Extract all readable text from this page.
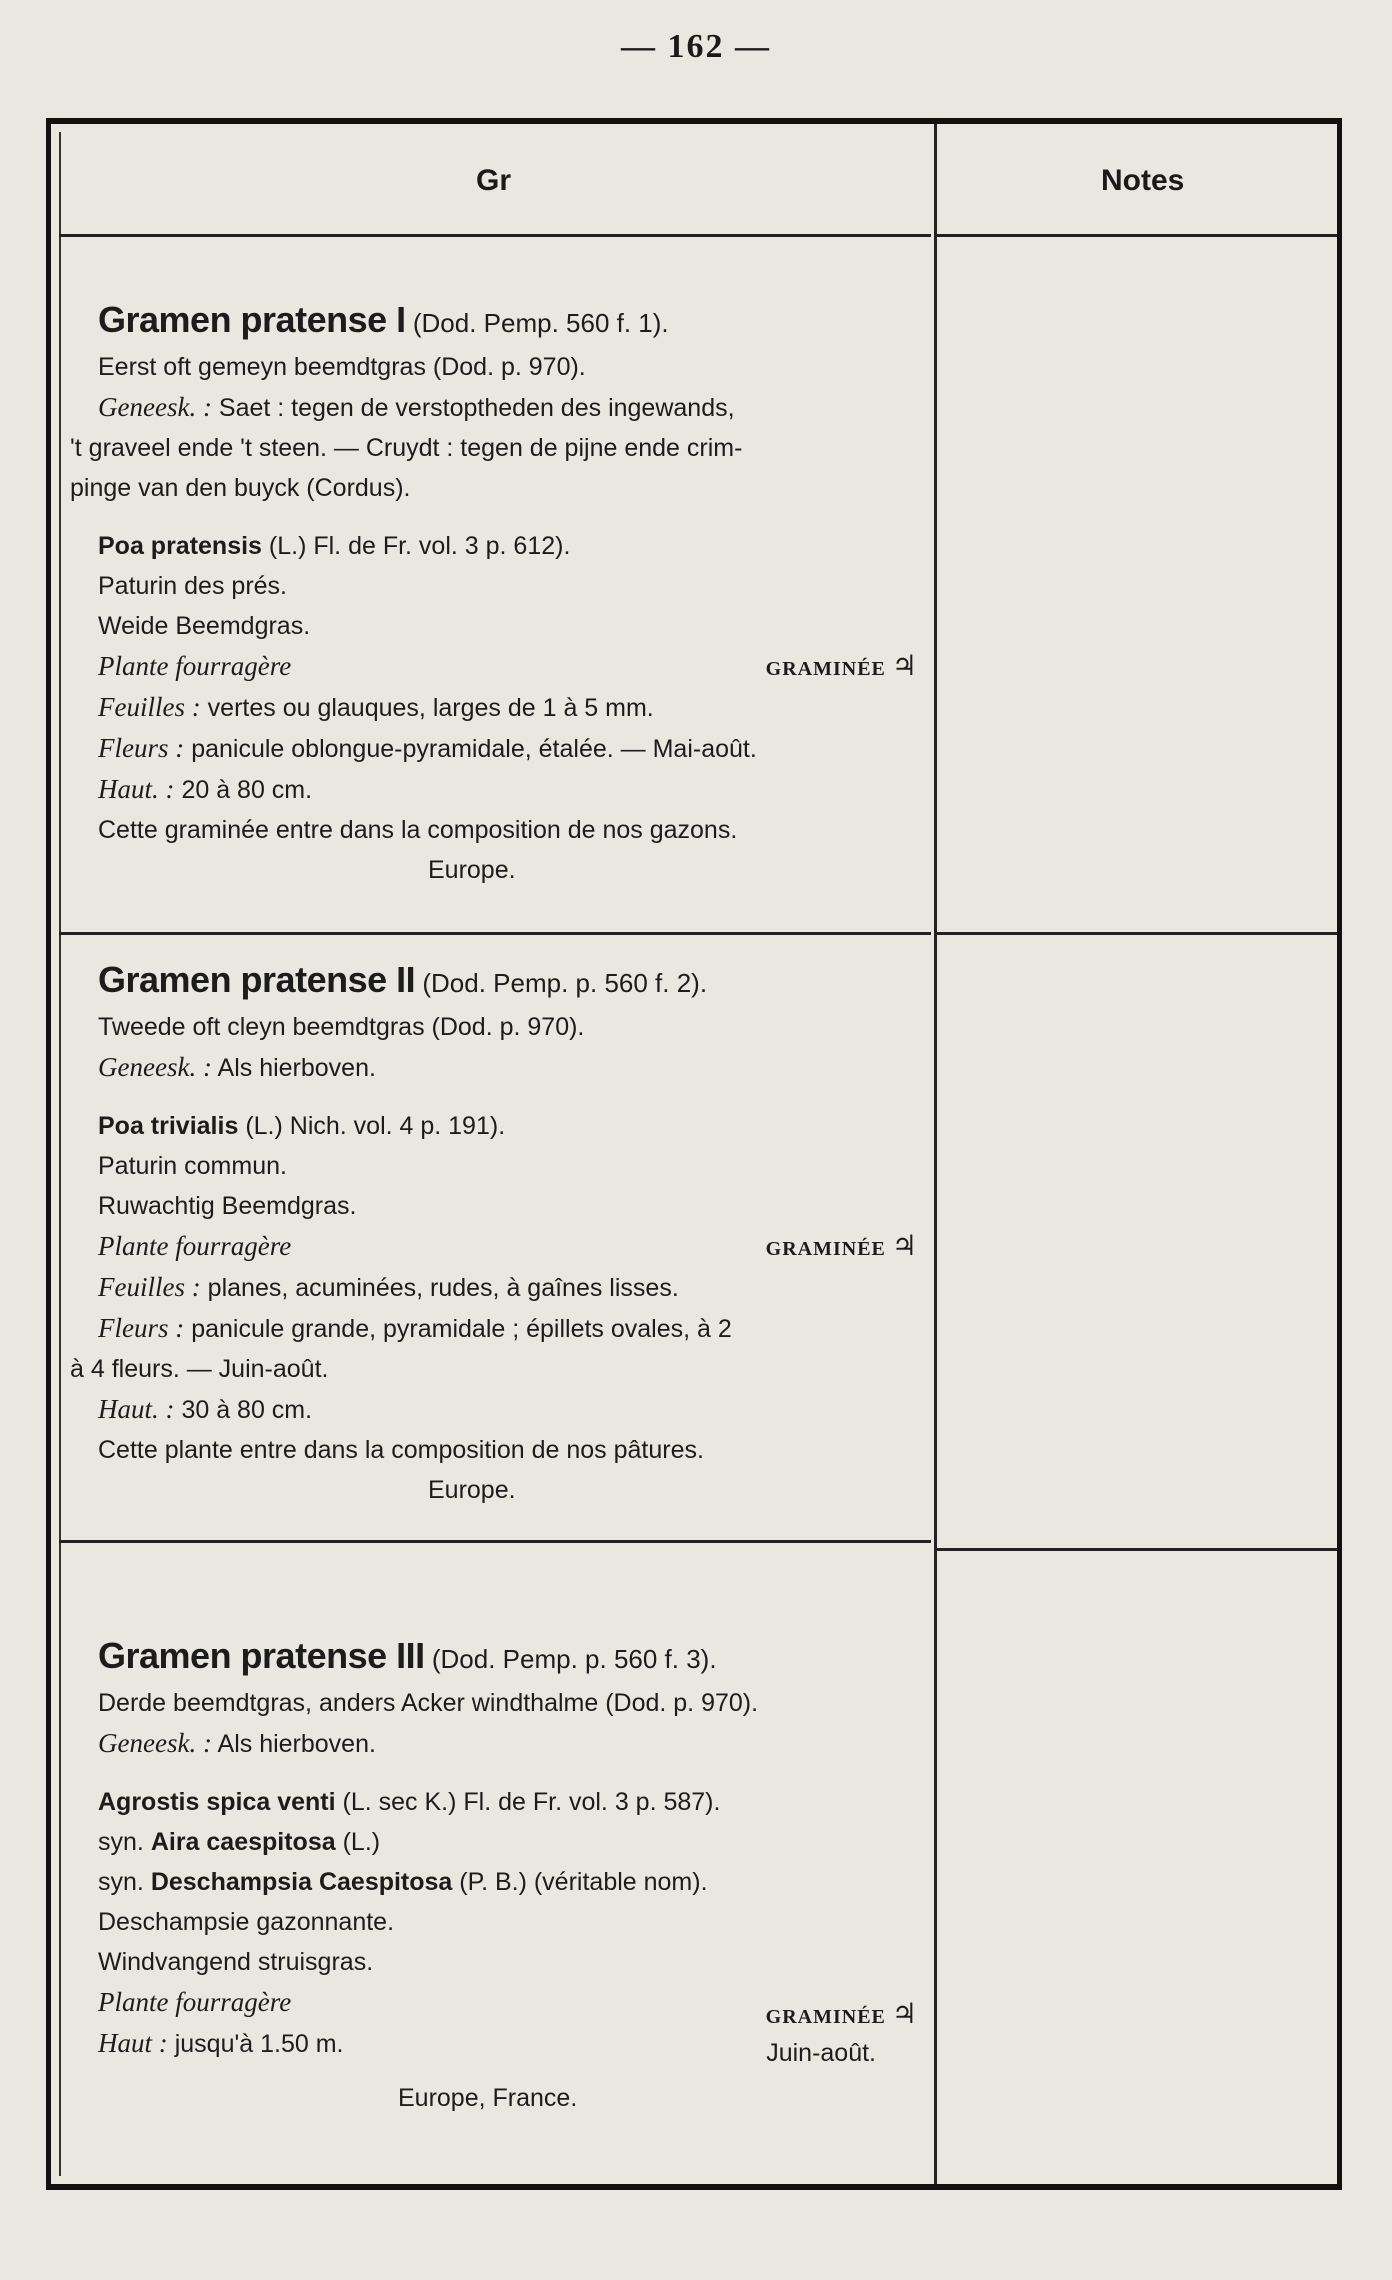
— 162 —
Gr	Notes
Gramen pratense I (Dod. Pemp. 560 f. 1).
Eerst oft gemeyn beemdtgras (Dod. p. 970).
Geneesk. : Saet : tegen de verstoptheden des ingewands,
't graveel ende 't steen. — Cruydt : tegen de pijne ende crim-
pinge van den buyck (Cordus).
Poa pratensis (L.) Fl. de Fr. vol. 3 p. 612).
Paturin des prés.
Weide Beemdgras.
Plante fourragère	GRAMINÉE ♃
Feuilles : vertes ou glauques, larges de 1 à 5 mm.
Fleurs : panicule oblongue-pyramidale, étalée. — Mai-août.
Haut. : 20 à 80 cm.
Cette graminée entre dans la composition de nos gazons.
Europe.
Gramen pratense II (Dod. Pemp. p. 560 f. 2).
Tweede oft cleyn beemdtgras (Dod. p. 970).
Geneesk. : Als hierboven.
Poa trivialis (L.) Nich. vol. 4 p. 191).
Paturin commun.
Ruwachtig Beemdgras.
Plante fourragère	GRAMINÉE ♃
Feuilles : planes, acuminées, rudes, à gaînes lisses.
Fleurs : panicule grande, pyramidale ; épillets ovales, à 2
à 4 fleurs. — Juin-août.
Haut. : 30 à 80 cm.
Cette plante entre dans la composition de nos pâtures.
Europe.
Gramen pratense III (Dod. Pemp. p. 560 f. 3).
Derde beemdtgras, anders Acker windthalme (Dod. p. 970).
Geneesk. : Als hierboven.
Agrostis spica venti (L. sec K.) Fl. de Fr. vol. 3 p. 587).
syn. Aira caespitosa (L.)
syn. Deschampsia Caespitosa (P. B.) (véritable nom).
Deschampsie gazonnante.
Windvangend struisgras.
Plante fourragère	GRAMINÉE ♃
Haut : jusqu'à 1.50 m.	Juin-août.
Europe, France.
